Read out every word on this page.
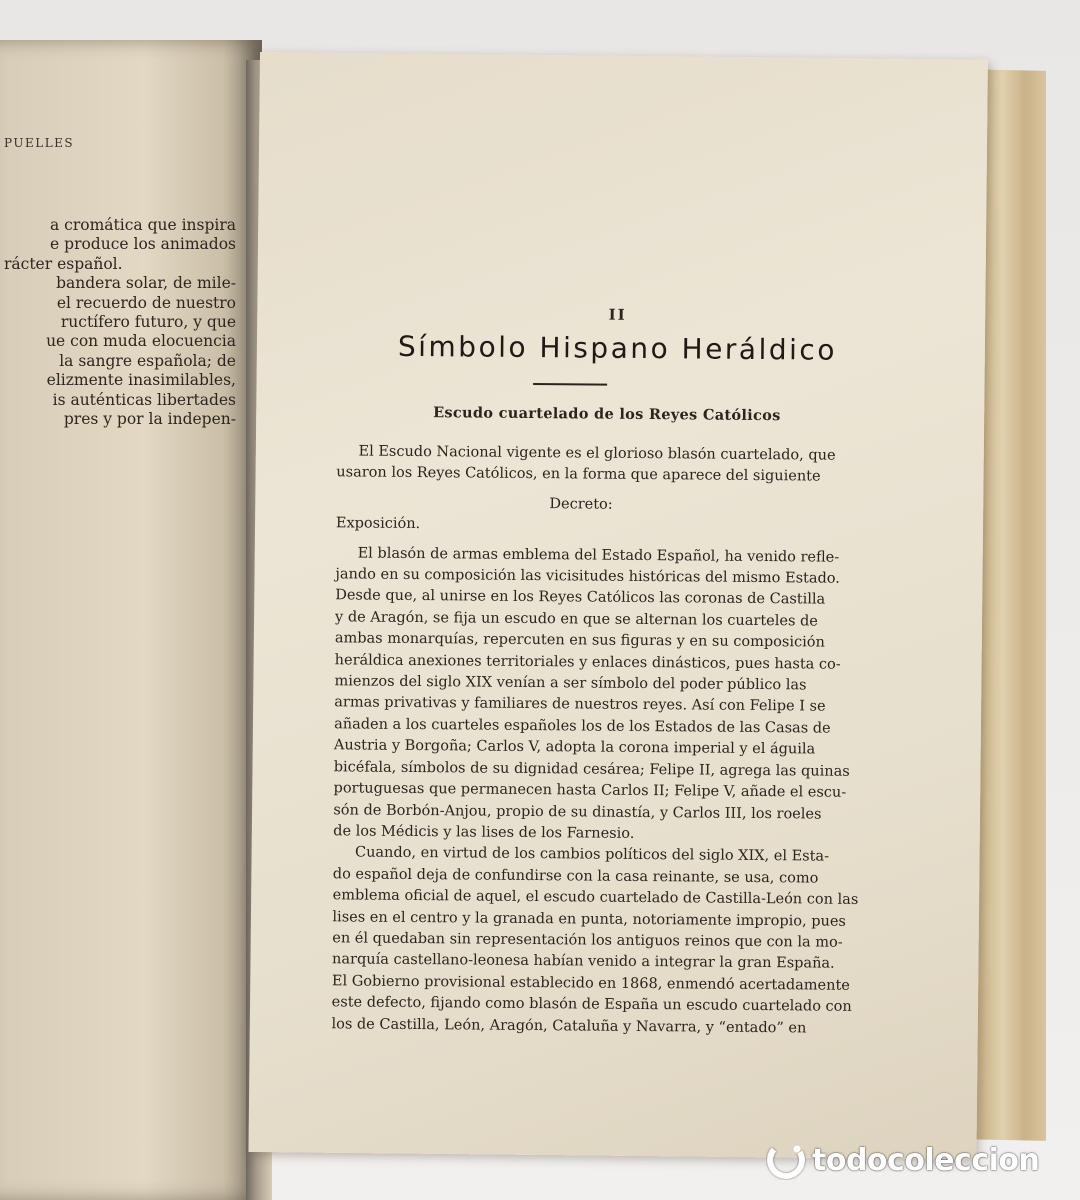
PUELLES
a cromática que inspira
e produce los animados
rácter español.
bandera solar, de mile-
el recuerdo de nuestro
ructífero futuro, y que
ue con muda elocuencia
la sangre española; de
elizmente inasimilables,
is auténticas libertades
pres y por la indepen-
II
Símbolo Hispano Heráldico
Escudo cuartelado de los Reyes Católicos
El Escudo Nacional vigente es el glorioso blasón cuartelado, que
usaron los Reyes Católicos, en la forma que aparece del siguiente
Decreto:
Exposición.
El blasón de armas emblema del Estado Español, ha venido refle-
jando en su composición las vicisitudes históricas del mismo Estado.
Desde que, al unirse en los Reyes Católicos las coronas de Castilla
y de Aragón, se fija un escudo en que se alternan los cuarteles de
ambas monarquías, repercuten en sus figuras y en su composición
heráldica anexiones territoriales y enlaces dinásticos, pues hasta co-
mienzos del siglo XIX venían a ser símbolo del poder público las
armas privativas y familiares de nuestros reyes. Así con Felipe I se
añaden a los cuarteles españoles los de los Estados de las Casas de
Austria y Borgoña; Carlos V, adopta la corona imperial y el águila
bicéfala, símbolos de su dignidad cesárea; Felipe II, agrega las quinas
portuguesas que permanecen hasta Carlos II; Felipe V, añade el escu-
són de Borbón-Anjou, propio de su dinastía, y Carlos III, los roeles
de los Médicis y las lises de los Farnesio.
Cuando, en virtud de los cambios políticos del siglo XIX, el Esta-
do español deja de confundirse con la casa reinante, se usa, como
emblema oficial de aquel, el escudo cuartelado de Castilla-León con las
lises en el centro y la granada en punta, notoriamente impropio, pues
en él quedaban sin representación los antiguos reinos que con la mo-
narquía castellano-leonesa habían venido a integrar la gran España.
El Gobierno provisional establecido en 1868, enmendó acertadamente
este defecto, fijando como blasón de España un escudo cuartelado con
los de Castilla, León, Aragón, Cataluña y Navarra, y “entado” en
todocoleccion
